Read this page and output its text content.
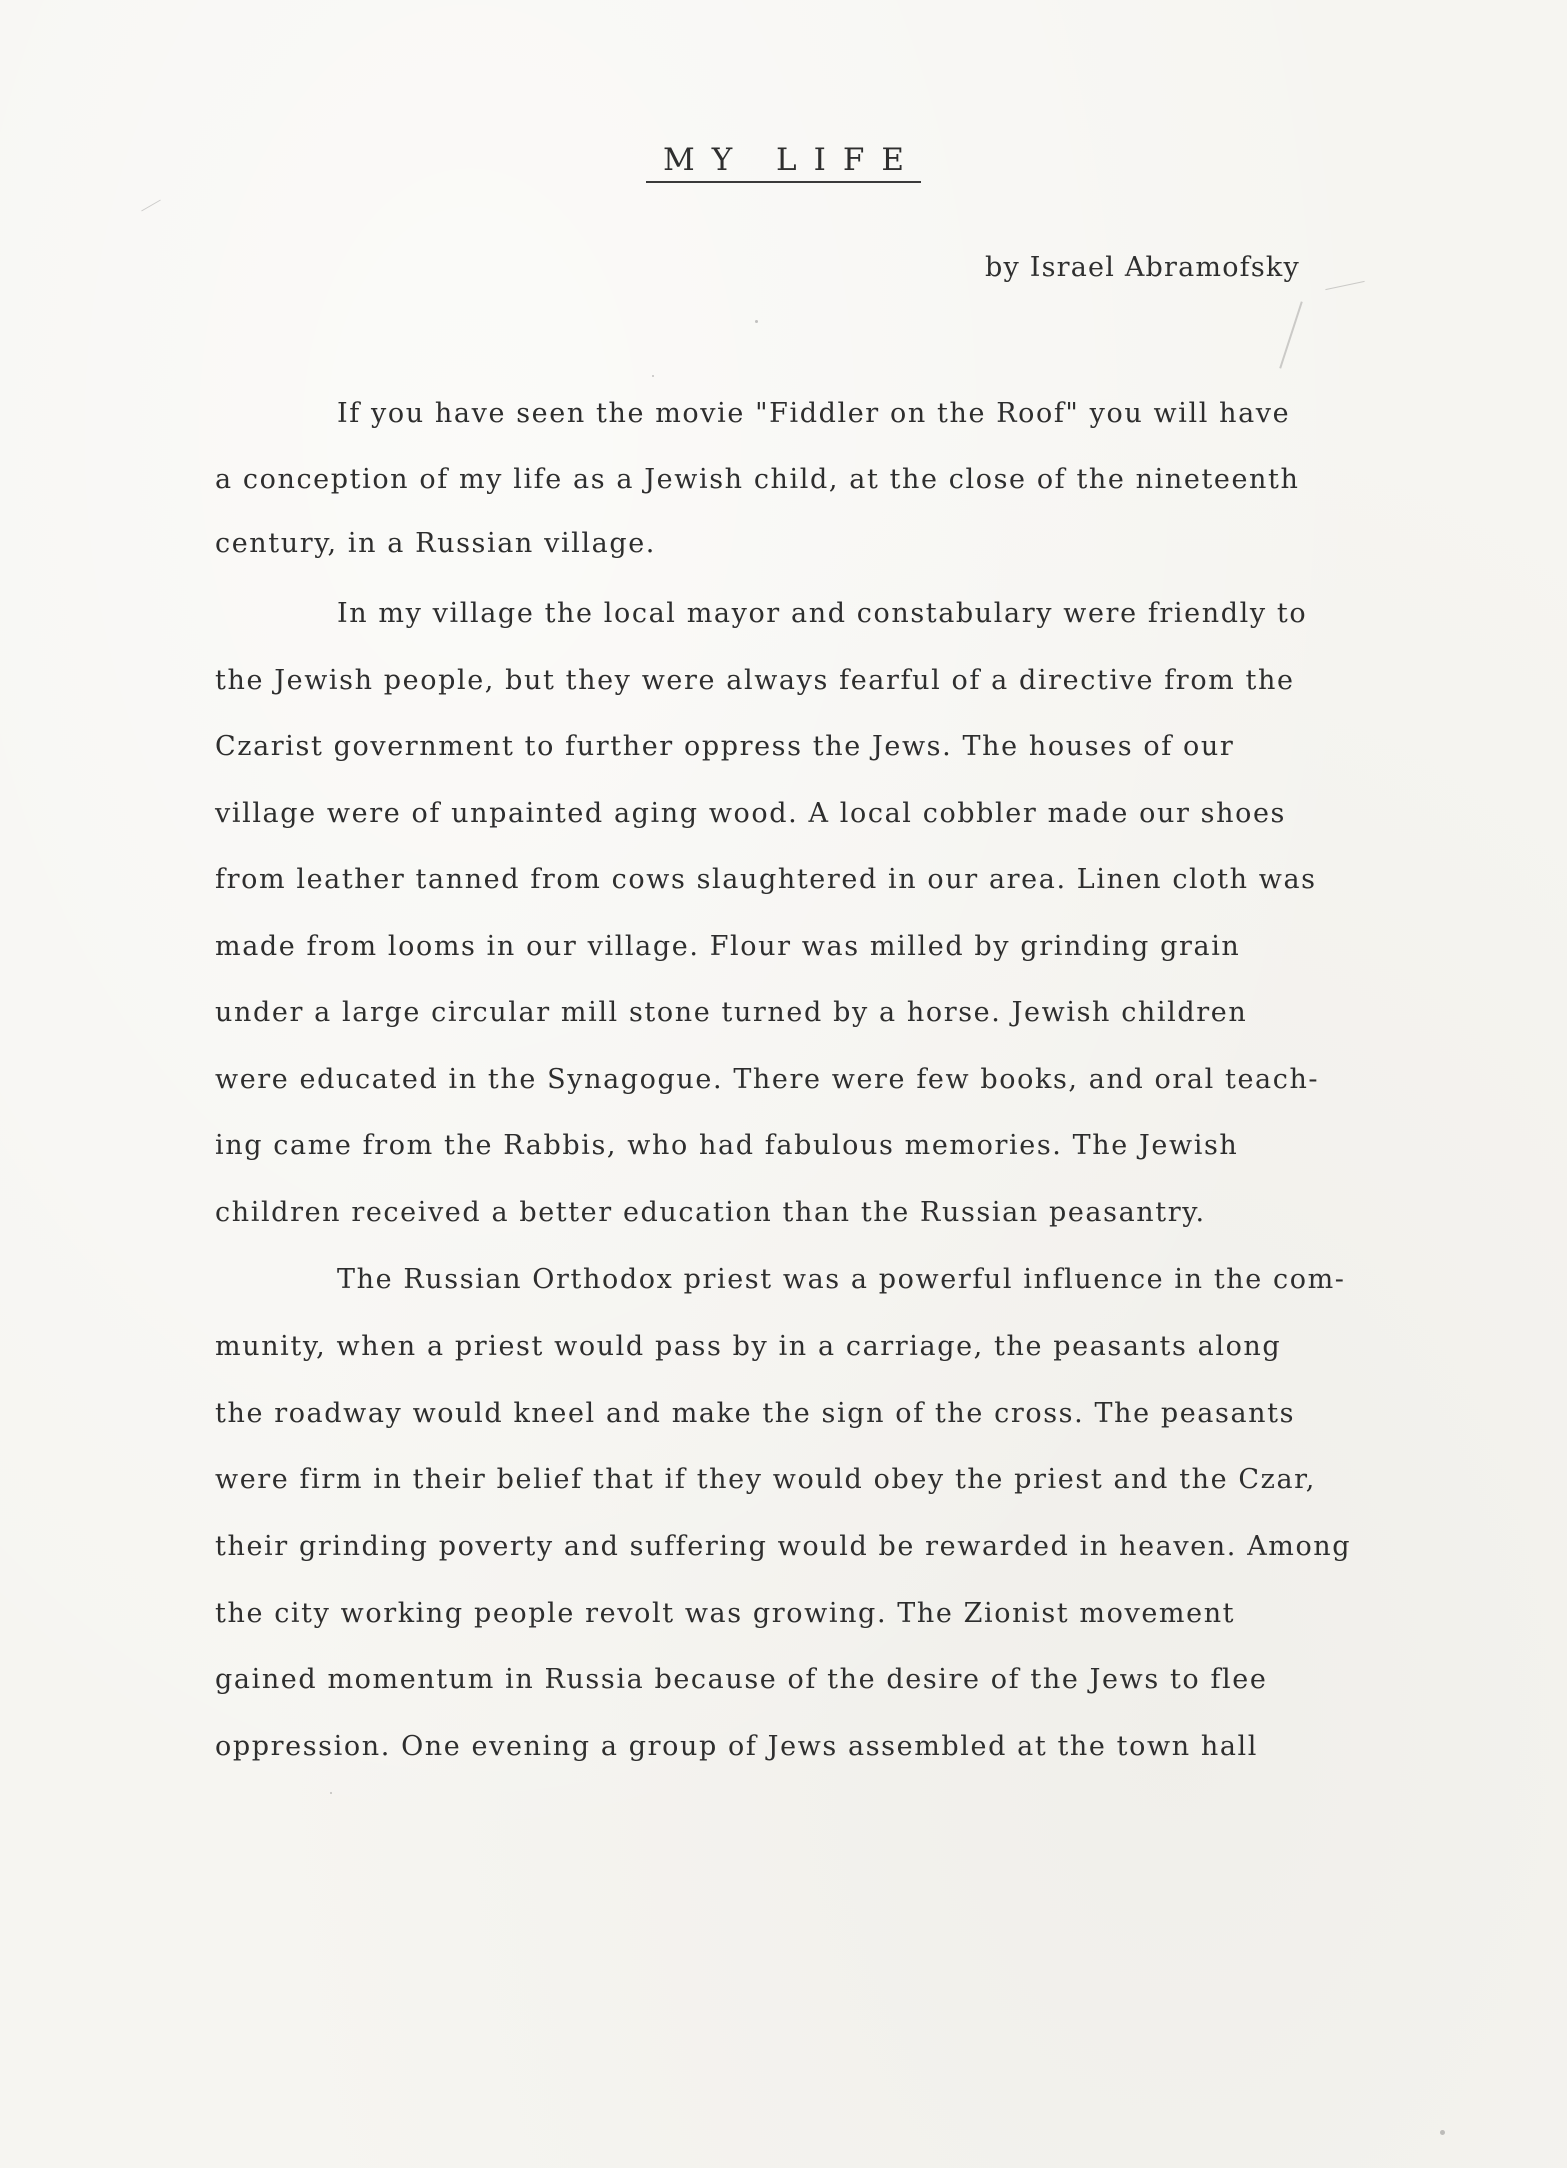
MY LIFE

by Israel Abramofsky

If you have seen the movie "Fiddler on the Roof" you will have

a conception of my life as a Jewish child, at the close of the nineteenth

century, in a Russian village.

In my village the local mayor and constabulary were friendly to

the Jewish people, but they were always fearful of a directive from the

Czarist government to further oppress the Jews. The houses of our

village were of unpainted aging wood. A local cobbler made our shoes

from leather tanned from cows slaughtered in our area. Linen cloth was

made from looms in our village. Flour was milled by grinding grain

under a large circular mill stone turned by a horse. Jewish children

were educated in the Synagogue. There were few books, and oral teach-

ing came from the Rabbis, who had fabulous memories. The Jewish

children received a better education than the Russian peasantry.

The Russian Orthodox priest was a powerful influence in the com-

munity, when a priest would pass by in a carriage, the peasants along

the roadway would kneel and make the sign of the cross. The peasants

were firm in their belief that if they would obey the priest and the Czar,

their grinding poverty and suffering would be rewarded in heaven. Among

the city working people revolt was growing. The Zionist movement

gained momentum in Russia because of the desire of the Jews to flee

oppression. One evening a group of Jews assembled at the town hall
